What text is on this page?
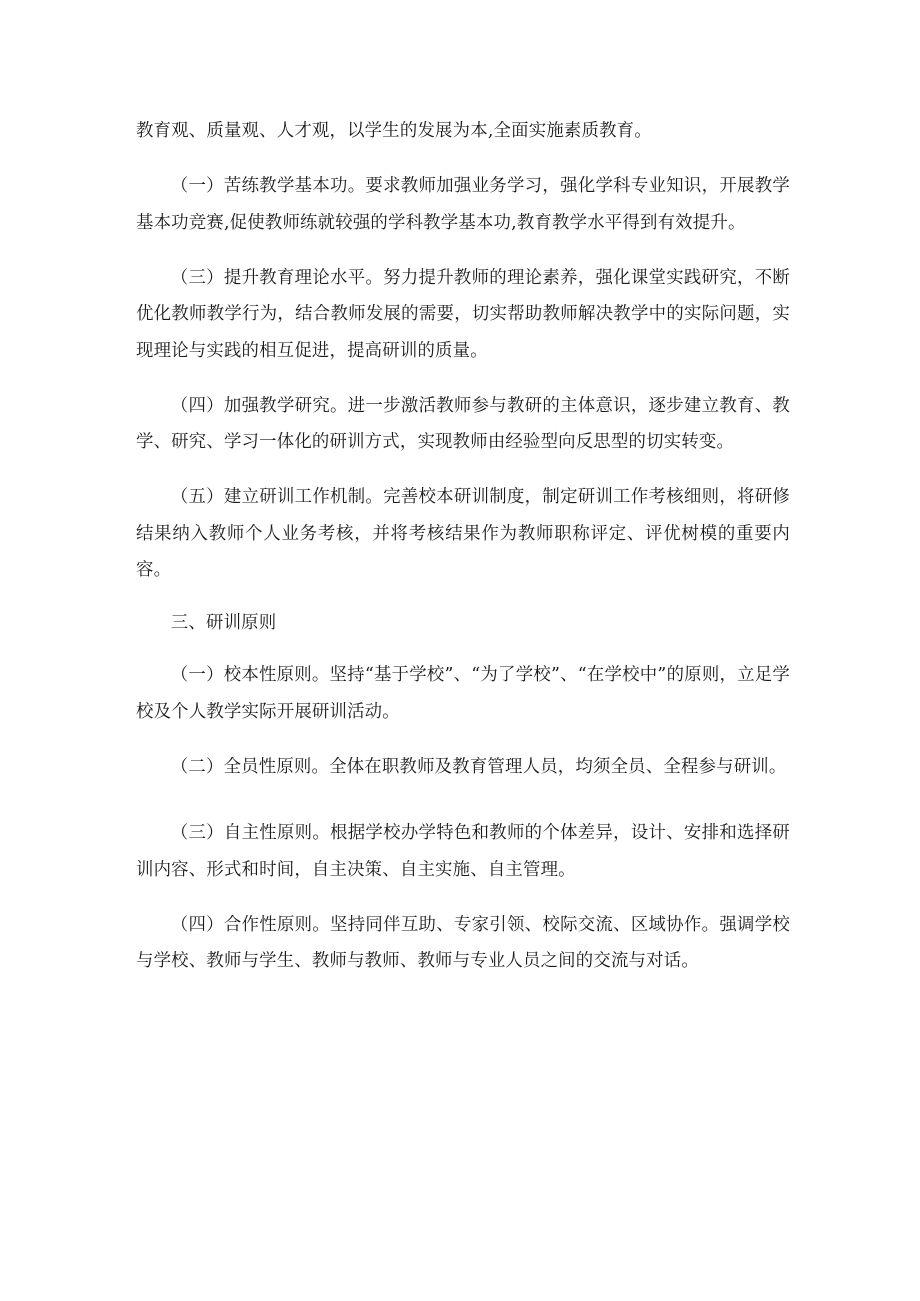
教育观、质量观、人才观，以学生的发展为本,全面实施素质教育。

（一）苦练教学基本功。要求教师加强业务学习，强化学科专业知识，开展教学基本功竞赛,促使教师练就较强的学科教学基本功,教育教学水平得到有效提升。

（三）提升教育理论水平。努力提升教师的理论素养，强化课堂实践研究，不断优化教师教学行为，结合教师发展的需要，切实帮助教师解决教学中的实际问题，实现理论与实践的相互促进，提高研训的质量。

（四）加强教学研究。进一步激活教师参与教研的主体意识，逐步建立教育、教学、研究、学习一体化的研训方式，实现教师由经验型向反思型的切实转变。

（五）建立研训工作机制。完善校本研训制度，制定研训工作考核细则，将研修结果纳入教师个人业务考核，并将考核结果作为教师职称评定、评优树模的重要内容。

三、研训原则

（一）校本性原则。坚持“基于学校”、“为了学校”、“在学校中”的原则，立足学校及个人教学实际开展研训活动。

（二）全员性原则。全体在职教师及教育管理人员，均须全员、全程参与研训。

（三）自主性原则。根据学校办学特色和教师的个体差异，设计、安排和选择研训内容、形式和时间，自主决策、自主实施、自主管理。

（四）合作性原则。坚持同伴互助、专家引领、校际交流、区域协作。强调学校与学校、教师与学生、教师与教师、教师与专业人员之间的交流与对话。
